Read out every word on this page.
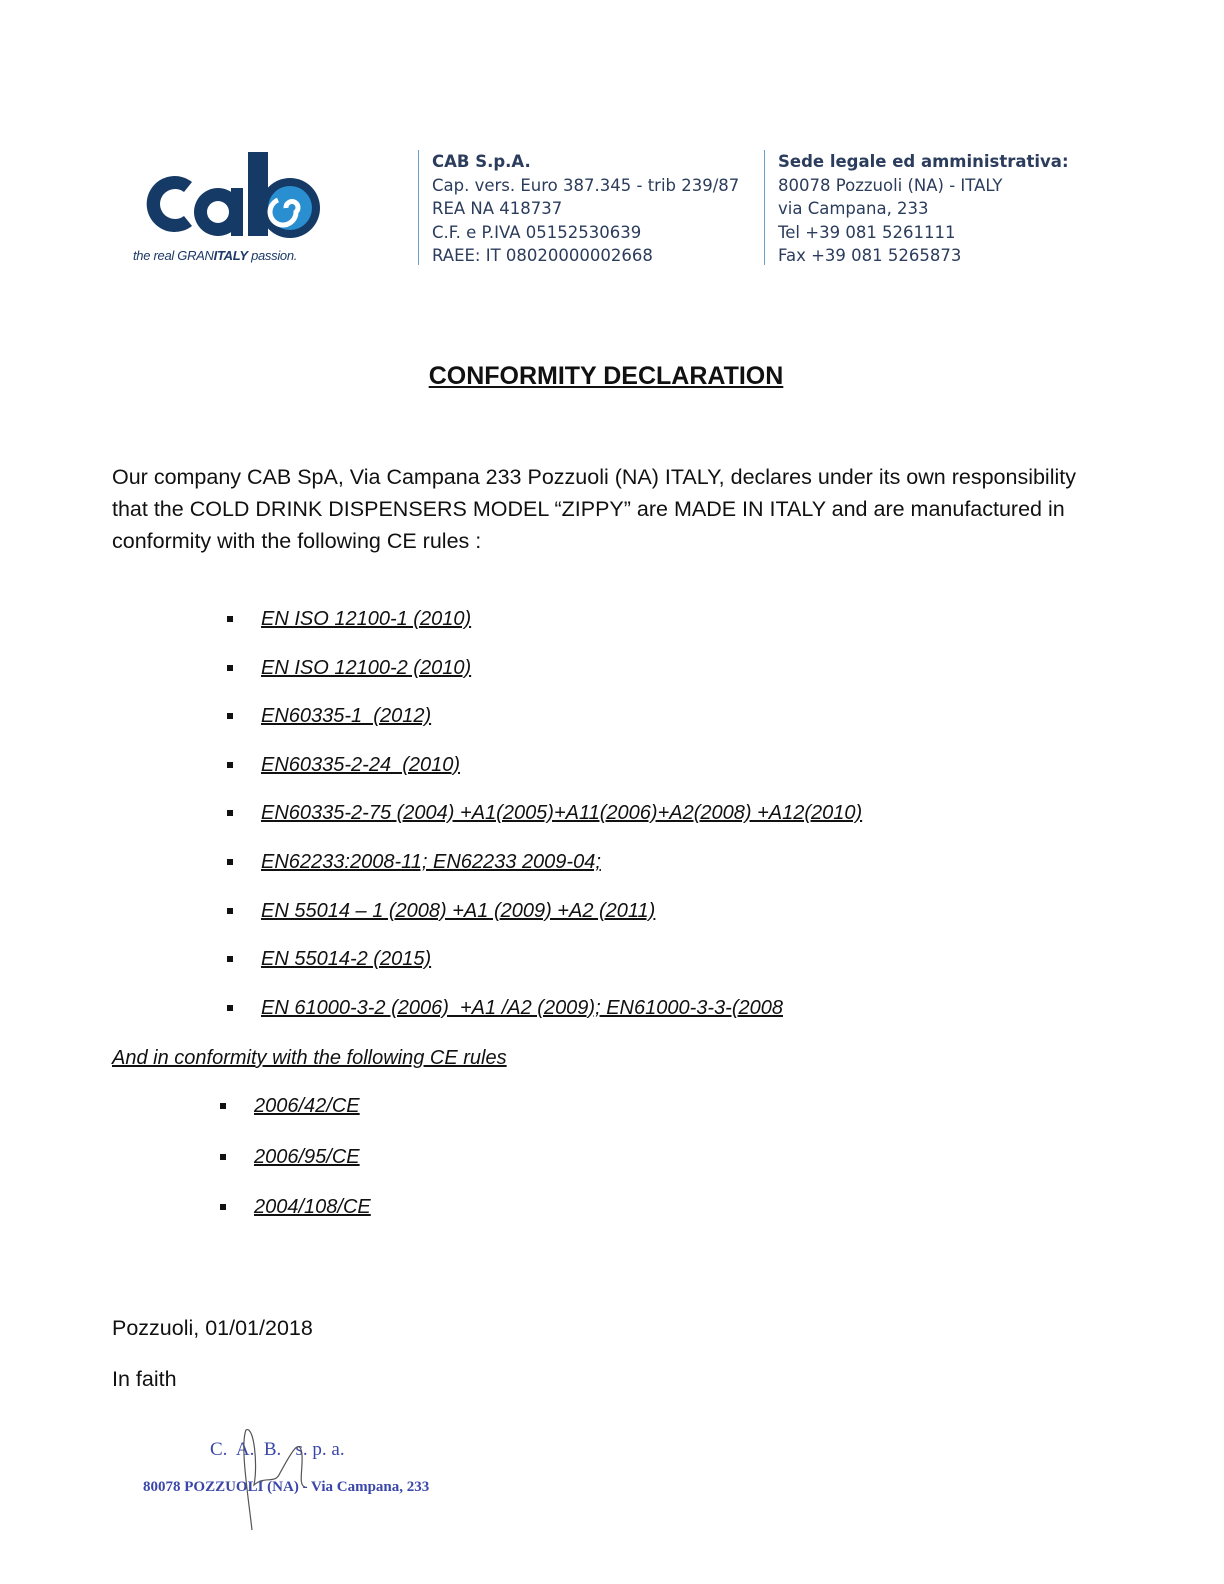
the real GRANITALY passion.
CAB S.p.A.
Cap. vers. Euro 387.345 - trib 239/87
REA NA 418737
C.F. e P.IVA 05152530639
RAEE: IT 08020000002668
Sede legale ed amministrativa:
80078 Pozzuoli (NA) - ITALY
via Campana, 233
Tel +39 081 5261111
Fax +39 081 5265873
CONFORMITY DECLARATION
Our company CAB SpA, Via Campana 233 Pozzuoli (NA) ITALY, declares under its own responsibility that the COLD DRINK DISPENSERS MODEL “ZIPPY” are MADE IN ITALY and are manufactured in conformity with the following CE rules :
EN ISO 12100-1 (2010)
EN ISO 12100-2 (2010)
EN60335-1  (2012)
EN60335-2-24  (2010)
EN60335-2-75 (2004) +A1(2005)+A11(2006)+A2(2008) +A12(2010)
EN62233:2008-11; EN62233 2009-04;
EN 55014 – 1 (2008) +A1 (2009) +A2 (2011)
EN 55014-2 (2015)
EN 61000-3-2 (2006)  +A1 /A2 (2009); EN61000-3-3-(2008
And in conformity with the following CE rules
2006/42/CE
2006/95/CE
2004/108/CE
Pozzuoli, 01/01/2018
In faith
C.  A.  B.   s. p. a.
80078 POZZUOLI (NA) - Via Campana, 233
